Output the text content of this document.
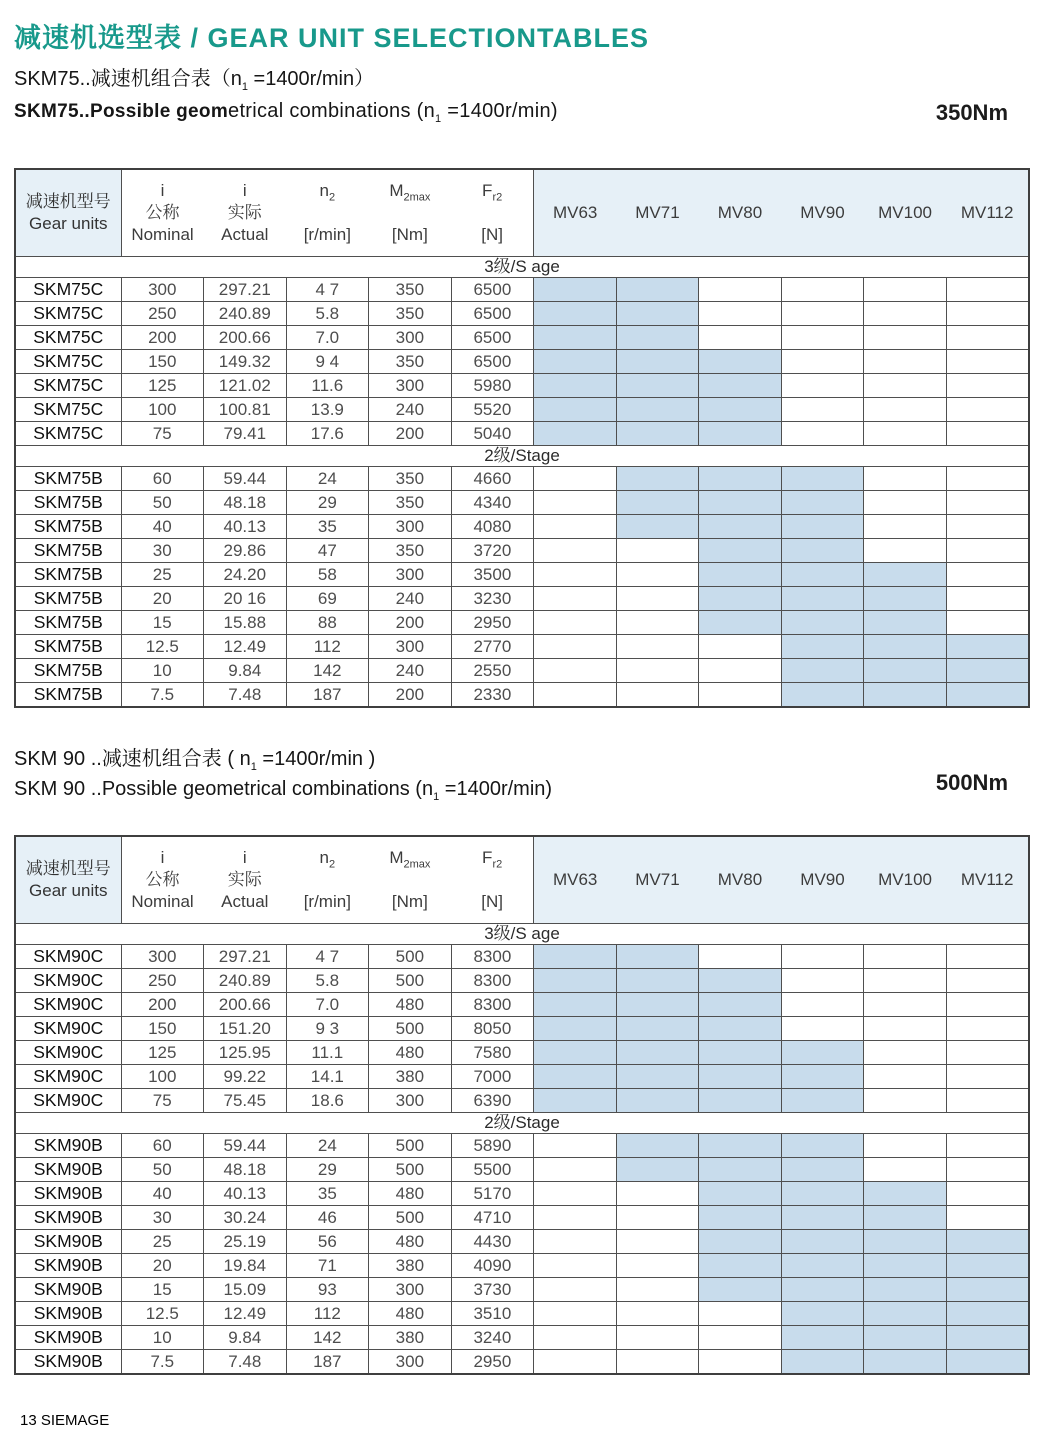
减速机选型表 / GEAR UNIT SELECTIONTABLES
SKM75..减速机组合表$(n_1 =1400r/\min)$
SKM75..Possible geometrical combinations $(n_1 =1400r/\min)$	350Nm
减速机型号
Gear units

i
公称
Nominal

i
实际
Actual

$n_2$
[r/min]

$M_{2max}$
[Nm]

$F_{r2}$
[N]
	MV63	MV71	MV80	MV90	MV100	MV112
3级/S age											
SKM75C	300	297.21	4 7	350	6500						
SKM75C	250	240.89	5.8	350	6500						
SKM75C	200	200.66	7.0	300	6500						
SKM75C	150	149.32	9 4	350	6500						
SKM75C	125	121.02	11.6	300	5980						
SKM75C	100	100.81	13.9	240	5520						
SKM75C	75	79.41	17.6	200	5040						
2级/Stage											
SKM75B	60	59.44	24	350	4660						
SKM75B	50	48.18	29	350	4340						
SKM75B	40	40.13	35	300	4080						
SKM75B	30	29.86	47	350	3720						
SKM75B	25	24.20	58	300	3500						
SKM75B	20	20 16	69	240	3230						
SKM75B	15	15.88	88	200	2950						
SKM75B	12.5	12.49	112	300	2770						
SKM75B	10	9.84	142	240	2550						
SKM75B	7.5	7.48	187	200	2330						
SKM 90 ..减速机组合表 ( $n_1 =1400r/\min$ )
SKM 90 ..Possible geometrical combinations $(n_1 =1400r/\min)$	500Nm
减速机型号
Gear units

i
公称
Nominal

i
实际
Actual

$n_2$
[r/min]

$M_{2max}$
[Nm]

$F_{r2}$
[N]
	MV63	MV71	MV80	MV90	MV100	MV112
3级/S age											
SKM90C	300	297.21	4 7	500	8300						
SKM90C	250	240.89	5.8	500	8300						
SKM90C	200	200.66	7.0	480	8300						
SKM90C	150	151.20	9 3	500	8050						
SKM90C	125	125.95	11.1	480	7580						
SKM90C	100	99.22	14.1	380	7000						
SKM90C	75	75.45	18.6	300	6390						
2级/Stage											
SKM90B	60	59.44	24	500	5890						
SKM90B	50	48.18	29	500	5500						
SKM90B	40	40.13	35	480	5170						
SKM90B	30	30.24	46	500	4710						
SKM90B	25	25.19	56	480	4430						
SKM90B	20	19.84	71	380	4090						
SKM90B	15	15.09	93	300	3730						
SKM90B	12.5	12.49	112	480	3510						
SKM90B	10	9.84	142	380	3240						
SKM90B	7.5	7.48	187	300	2950						
13 SIEMAGE
